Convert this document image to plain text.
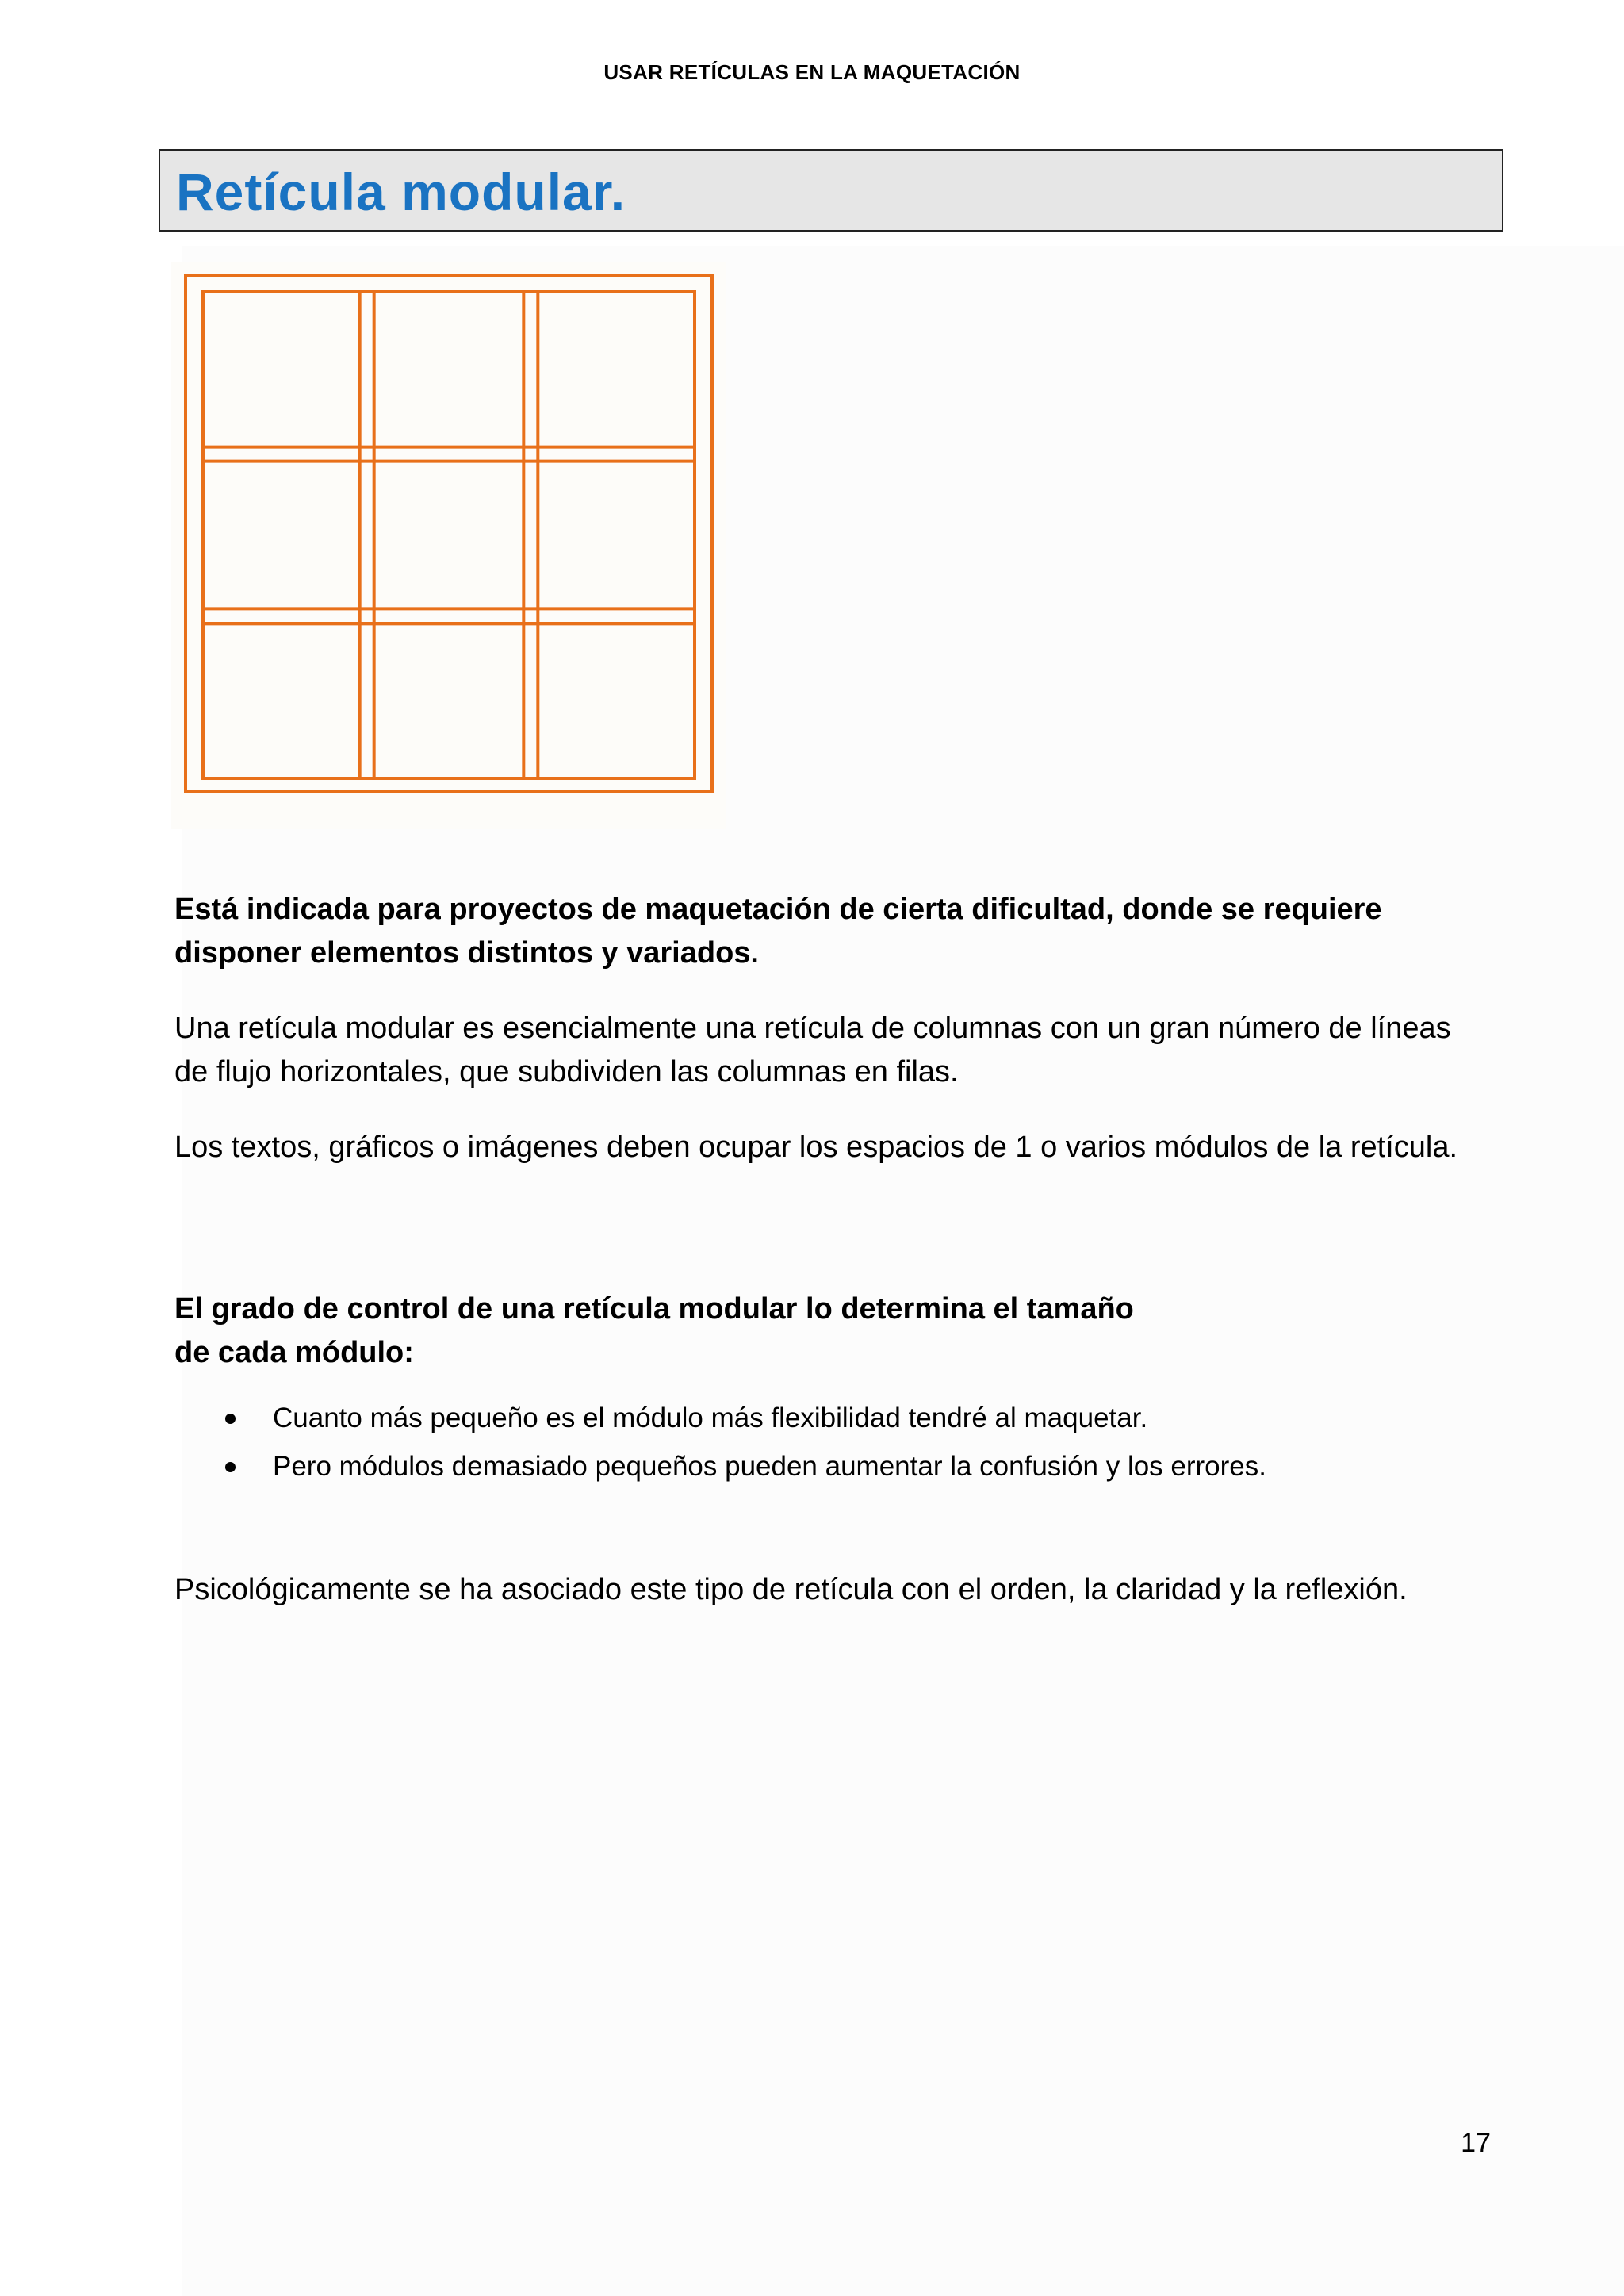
USAR RETÍCULAS EN LA MAQUETACIÓN
Retícula modular.
Está indicada para proyectos de maquetación de cierta dificultad, donde se requiere disponer elementos distintos y variados.
Una retícula modular es esencialmente una retícula de columnas con un gran número de líneas de flujo horizontales, que subdividen las columnas en filas.
Los textos, gráficos o imágenes deben ocupar los espacios de 1 o varios módulos de la retícula.
El grado de control de una retícula modular lo determina el tamaño
de cada módulo:
Cuanto más pequeño es el módulo más flexibilidad tendré al maquetar.
Pero módulos demasiado pequeños pueden aumentar la confusión y los errores.
Psicológicamente se ha asociado este tipo de retícula con el orden, la claridad y la reflexión.
17
